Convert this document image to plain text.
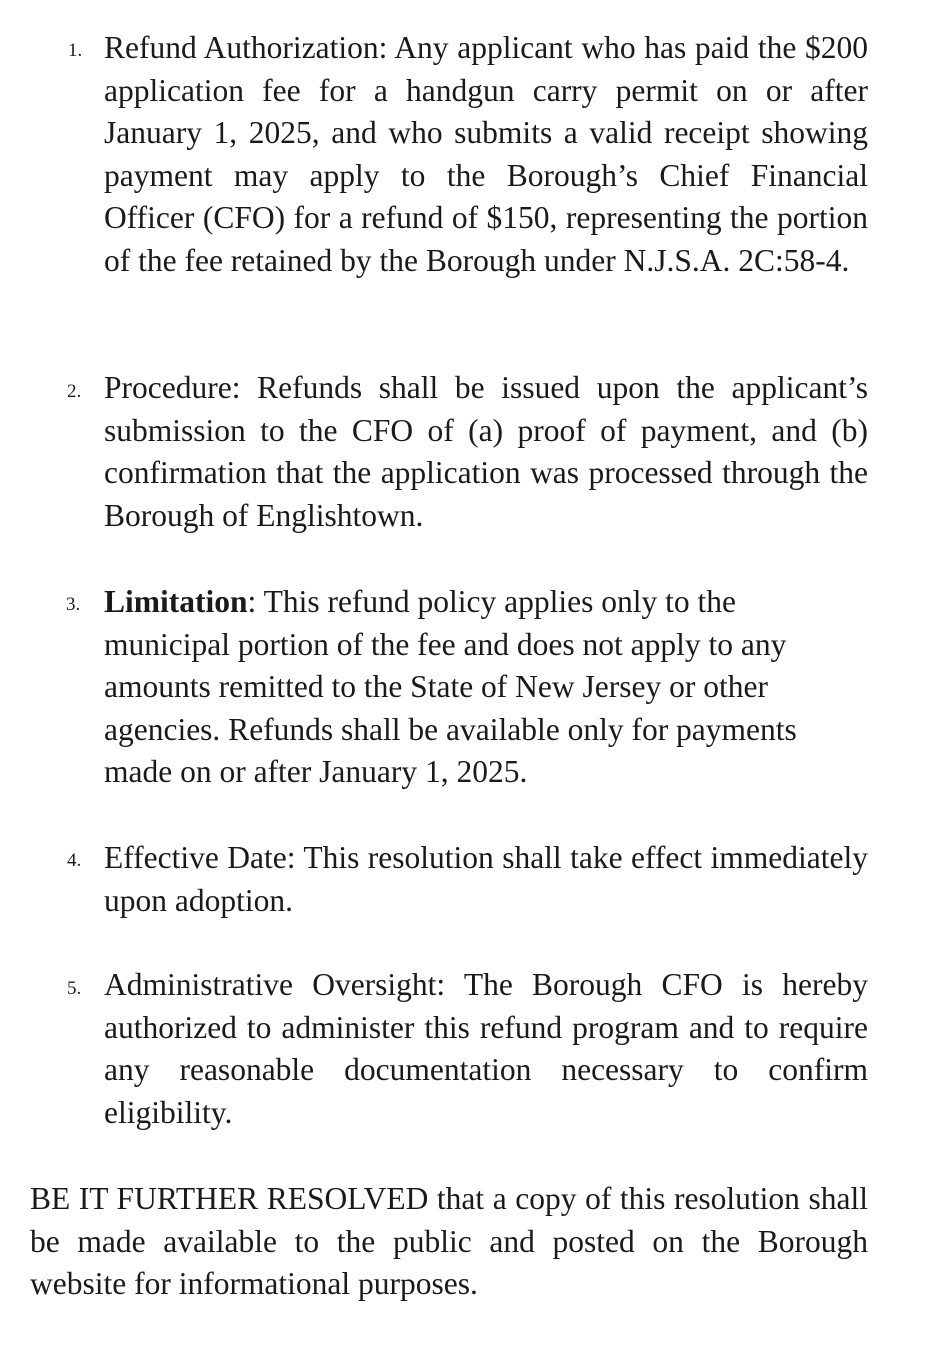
1. Refund Authorization: Any applicant who has paid the $200 application fee for a handgun carry permit on or after January 1, 2025, and who submits a valid receipt showing payment may apply to the Borough’s Chief Financial Officer (CFO) for a refund of $150, representing the portion of the fee retained by the Borough under N.J.S.A. 2C:58-4.
2. Procedure: Refunds shall be issued upon the applicant’s submission to the CFO of (a) proof of payment, and (b) confirmation that the application was processed through the Borough of Englishtown.
3. Limitation: This refund policy applies only to the municipal portion of the fee and does not apply to any amounts remitted to the State of New Jersey or other agencies. Refunds shall be available only for payments made on or after January 1, 2025.
4. Effective Date: This resolution shall take effect immediately upon adoption.
5. Administrative Oversight: The Borough CFO is hereby authorized to administer this refund program and to require any reasonable documentation necessary to confirm eligibility.
BE IT FURTHER RESOLVED that a copy of this resolution shall be made available to the public and posted on the Borough website for informational purposes.
